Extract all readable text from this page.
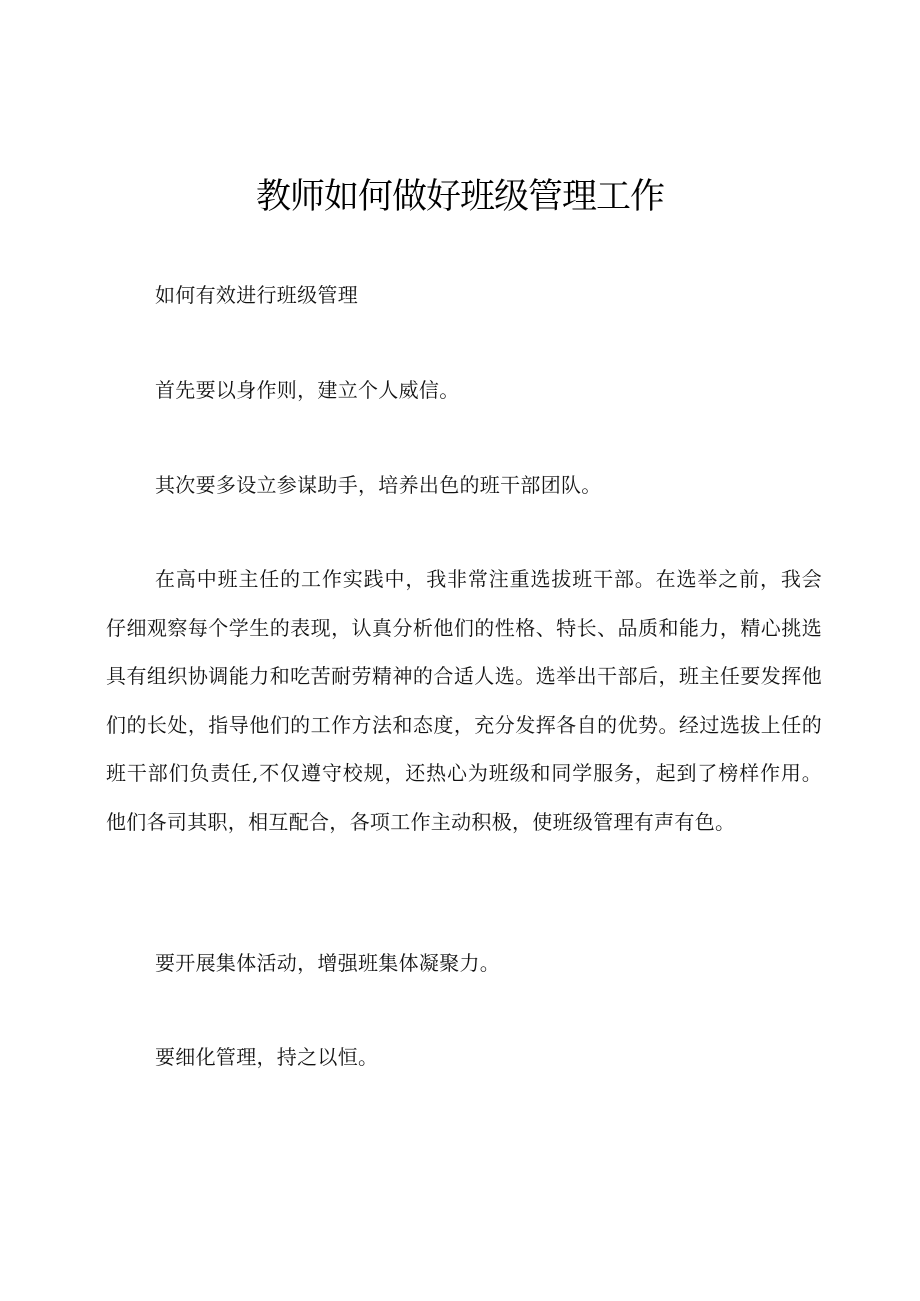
教师如何做好班级管理工作

如何有效进行班级管理

首先要以身作则，建立个人威信。

其次要多设立参谋助手，培养出色的班干部团队。

在高中班主任的工作实践中，我非常注重选拔班干部。在选举之前，我会仔细观察每个学生的表现，认真分析他们的性格、特长、品质和能力，精心挑选具有组织协调能力和吃苦耐劳精神的合适人选。选举出干部后，班主任要发挥他们的长处，指导他们的工作方法和态度，充分发挥各自的优势。经过选拔上任的班干部们负责任,不仅遵守校规，还热心为班级和同学服务，起到了榜样作用。他们各司其职，相互配合，各项工作主动积极，使班级管理有声有色。

要开展集体活动，增强班集体凝聚力。

要细化管理，持之以恒。
